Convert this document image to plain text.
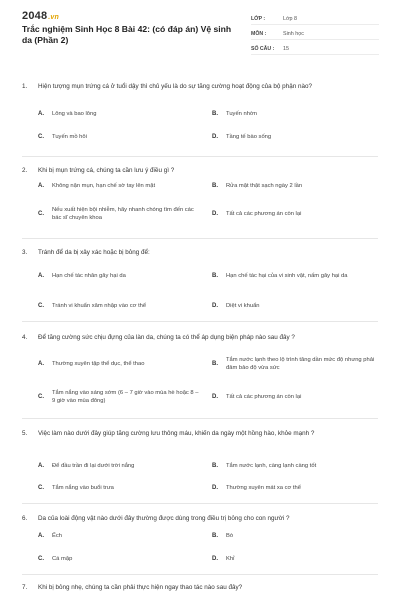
2048.vn
Trắc nghiệm Sinh Học 8 Bài 42: (có đáp án) Vệ sinh da (Phần 2)
LỚP :	Lớp 8
MÔN :	Sinh học
SỐ CÂU :	15
1. Hiện tượng mụn trứng cá ở tuổi dậy thì chủ yếu là do sự tăng cường hoạt động của bộ phận nào?
A.	Lông và bao lông	B.	Tuyến nhờn
C.	Tuyến mồ hôi	D.	Tầng tế bào sống
2. Khi bị mụn trứng cá, chúng ta cần lưu ý điều gì ?
A.	Không nặn mụn, hạn chế sờ tay lên mặt	B.	Rửa mặt thật sạch ngày 2 lần
C.
Nếu xuất hiện bội nhiễm, hãy nhanh chóng tìm đến các bác sĩ chuyên khoa
D.	Tất cả các phương án còn lại
3. Tránh để da bị xây xác hoặc bị bỏng để:
A.	Hạn chế tác nhân gây hại da	B.	Hạn chế tác hại của vi sinh vật, nấm gây hại da
C.	Tránh vi khuẩn xâm nhập vào cơ thể	D.	Diệt vi khuẩn
4. Để tăng cường sức chịu đựng của làn da, chúng ta có thể áp dụng biện pháp nào sau đây ?
A.	Thường xuyên tập thể dục, thể thao	B.
Tắm nước lạnh theo lộ trình tăng dần mức độ nhưng phải đảm bảo độ vừa sức
C.
Tắm nắng vào sáng sớm (6 – 7 giờ vào mùa hè hoặc 8 – 9 giờ vào mùa đông)
D.	Tất cả các phương án còn lại
5. Việc làm nào dưới đây giúp tăng cường lưu thông máu, khiến da ngày một hồng hào, khỏe mạnh ?
A.	Để đầu trần đi lại dưới trời nắng	B.	Tắm nước lạnh, càng lạnh càng tốt
C.	Tắm nắng vào buổi trưa	D.	Thường xuyên mát xa cơ thể
6. Da của loài động vật nào dưới đây thường được dùng trong điều trị bỏng cho con người ?
A.	Ếch	B.	Bò
C.	Cá mập	D.	Khỉ
7. Khi bị bỏng nhẹ, chúng ta cần phải thực hiện ngay thao tác nào sau đây?
